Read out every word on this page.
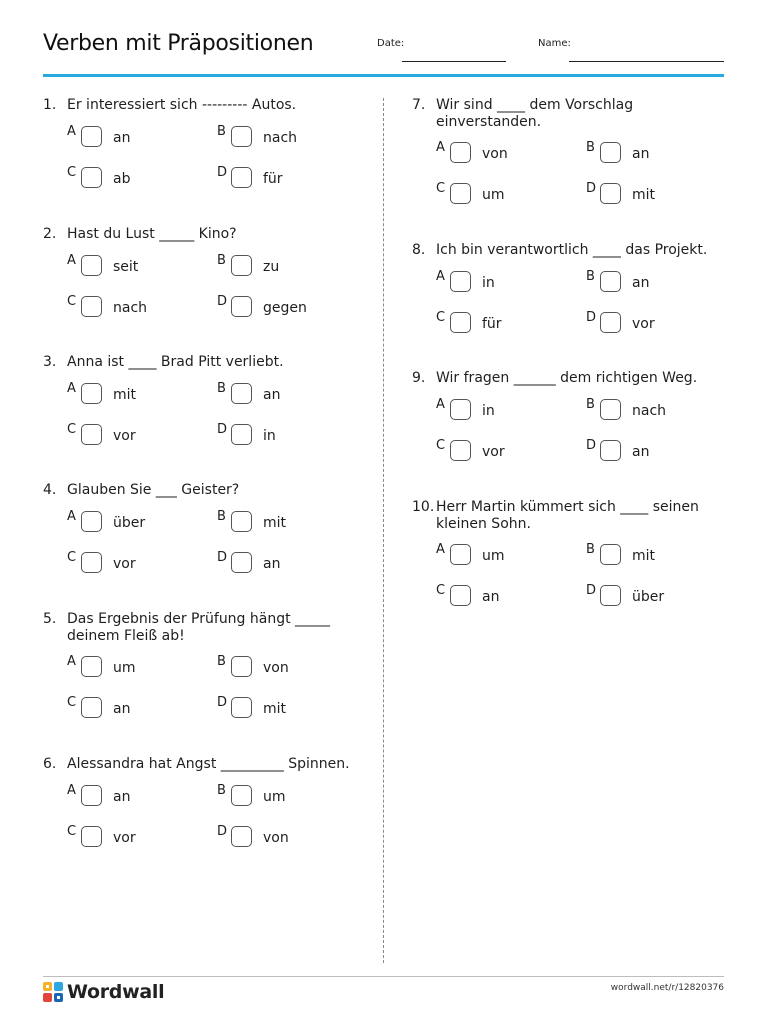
Verben mit Präpositionen	Date:	Name:
1. Er interessiert sich --------- Autos.
A	an	B	nach
C	ab	D	für
2. Hast du Lust _____ Kino?
A	seit	B	zu
C	nach	D	gegen
3. Anna ist ____ Brad Pitt verliebt.
A	mit	B	an
C	vor	D	in
4. Glauben Sie ___ Geister?
A	über	B	mit
C	vor	D	an
5. Das Ergebnis der Prüfung hängt _____ deinem Fleiß ab!
A	um	B	von
C	an	D	mit
6. Alessandra hat Angst _________ Spinnen.
A	an	B	um
C	vor	D	von
7. Wir sind ____ dem Vorschlag einverstanden.
A	von	B	an
C	um	D	mit
8. Ich bin verantwortlich ____ das Projekt.
A	in	B	an
C	für	D	vor
9. Wir fragen ______ dem richtigen Weg.
A	in	B	nach
C	vor	D	an
10. Herr Martin kümmert sich ____ seinen kleinen Sohn.
A	um	B	mit
C	an	D	über
Wordwall	wordwall.net/r/12820376
